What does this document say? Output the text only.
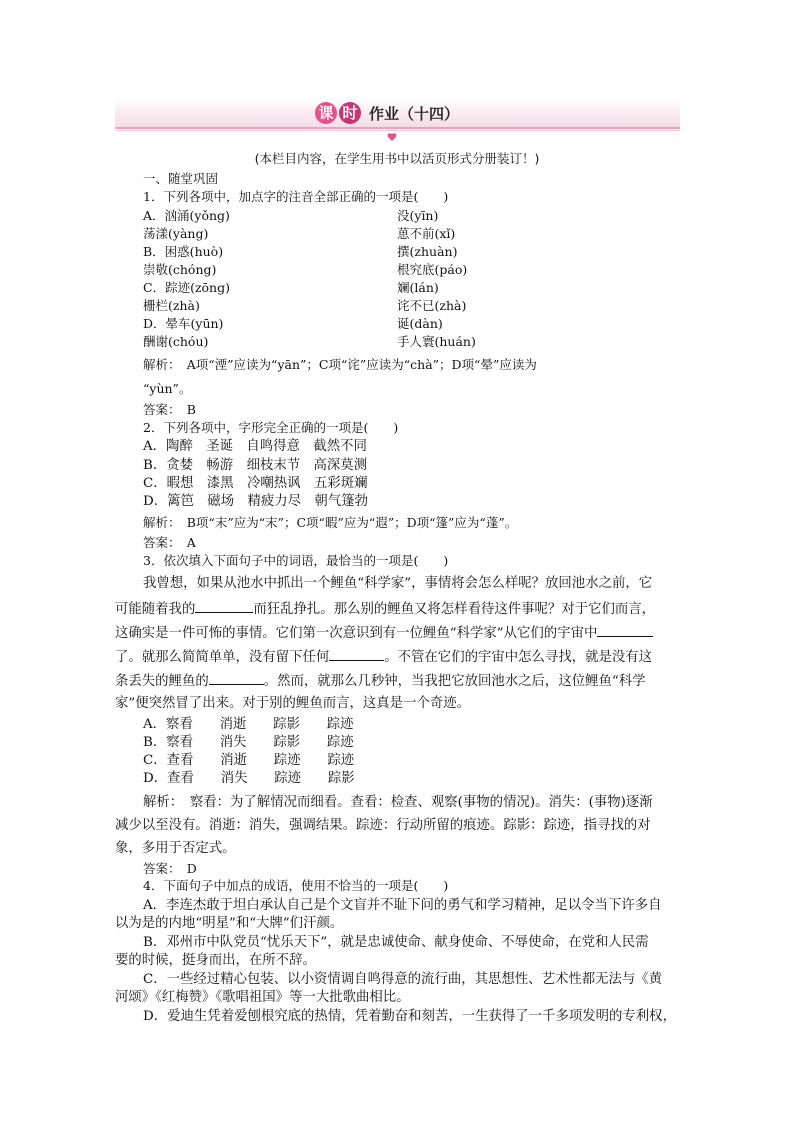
课 时 作业（十四）
(本栏目内容，在学生用书中以活页形式分册装订！)
一、随堂巩固
1．下列各项中，加点字的注音全部正确的一项是(　　)
A．汹涌(yǒng)	没(yīn)
荡漾(yàng)	葸不前(xǐ)
B．困惑(huò)	撰(zhuàn)
崇敬(chóng)	根究底(páo)
C．踪迹(zōng)	斓(lán)
栅栏(zhà)	诧不已(zhà)
D．晕车(yūn)	诞(dàn)
酬谢(chóu)	手人寰(huán)
解析：　A项“湮”应读为“yān”；C项“诧”应读为“chà”；D项“晕”应读为
“yùn”。
答案：　B
2．下列各项中，字形完全正确的一项是(　　)
A．陶醉　圣诞　自鸣得意　截然不同
B．贪婪　畅游　细枝末节　高深莫测
C．暇想　漆黑　冷嘲热讽　五彩斑斓
D．篱笆　磁场　精疲力尽　朝气篷勃
解析：　B项“末”应为“末”；C项“暇”应为“遐”；D项“篷”应为“蓬”。
答案：　A
3．依次填入下面句子中的词语，最恰当的一项是(　　)
我曾想，如果从池水中抓出一个鲤鱼“科学家”，事情将会怎么样呢？放回池水之前，它
可能随着我的	而狂乱挣扎。那么别的鲤鱼又将怎样看待这件事呢？对于它们而言，
这确实是一件可怖的事情。它们第一次意识到有一位鲤鱼“科学家”从它们的宇宙中
了。就那么简简单单，没有留下任何	。不管在它们的宇宙中怎么寻找，就是没有这
条丢失的鲤鱼的	。然而，就那么几秒钟，当我把它放回池水之后，这位鲤鱼“科学
家”便突然冒了出来。对于别的鲤鱼而言，这真是一个奇迹。
A．察看　　消逝　　踪影　　踪迹
B．察看　　消失　　踪影　　踪迹
C．查看　　消逝　　踪迹　　踪迹
D．查看　　消失　　踪迹　　踪影
解析：　察看：为了解情况而细看。查看：检查、观察(事物的情况)。消失：(事物)逐渐
减少以至没有。消逝：消失，强调结果。踪迹：行动所留的痕迹。踪影：踪迹，指寻找的对
象，多用于否定式。
答案：　D
4．下面句子中加点的成语，使用不恰当的一项是(　　)
A．李连杰敢于坦白承认自己是个文盲并不耻下问的勇气和学习精神，足以令当下许多自
以为是的内地“明星”和“大牌”们汗颜。
B．邓州市中队党员“忧乐天下”，就是忠诚使命、献身使命、不辱使命，在党和人民需
要的时候，挺身而出，在所不辞。
C．一些经过精心包装、以小资情调自鸣得意的流行曲，其思想性、艺术性都无法与《黄
河颂》《红梅赞》《歌唱祖国》等一大批歌曲相比。
D．爱迪生凭着爱刨根究底的热情，凭着勤奋和刻苦，一生获得了一千多项发明的专利权，
